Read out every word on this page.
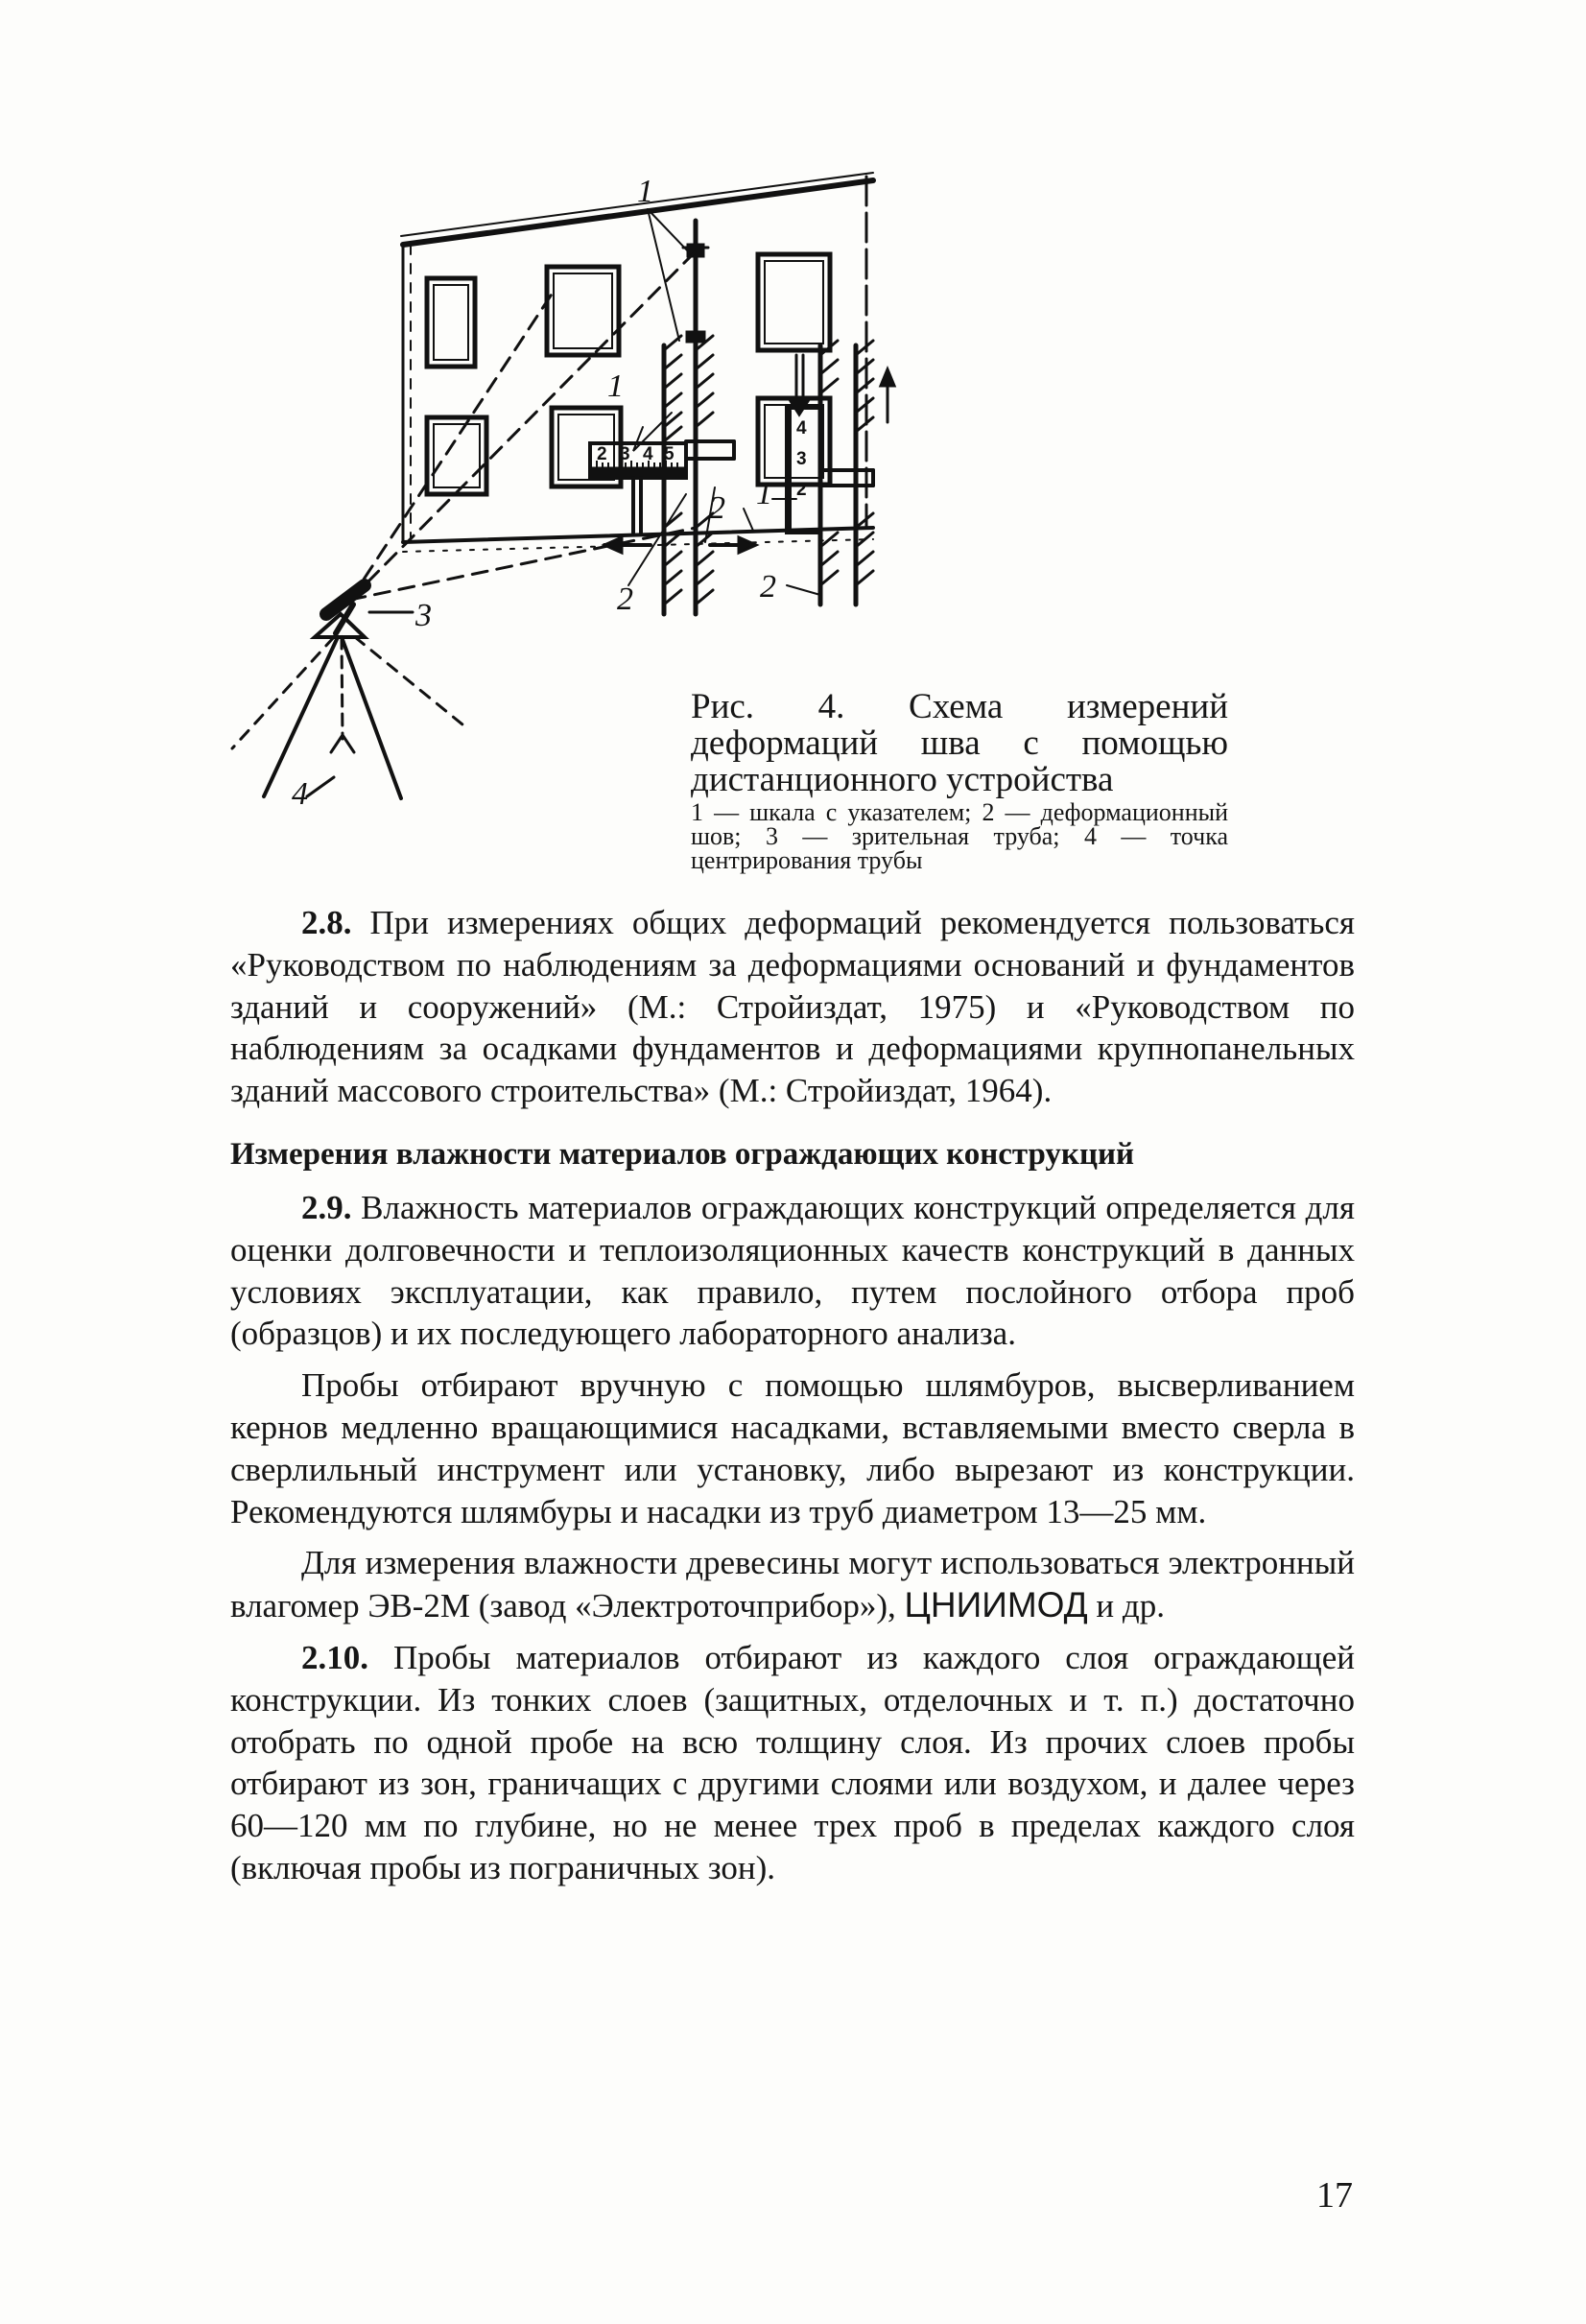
2 3 4 5
4
3
2
1
1
1
2
2
2
3
4
Рис. 4. Схема измерений деформаций шва с помощью дистанционного устройства
1 — шкала с указателем; 2 — деформационный шов; 3 — зрительная труба; 4 — точка центрирования трубы

2.8. При измерениях общих деформаций рекомендуется пользоваться «Руководством по наблюдениям за деформациями оснований и фундаментов зданий и сооружений» (М.: Стройиздат, 1975) и «Руководством по наблюдениям за осадками фундаментов и деформациями крупнопанельных зданий массового строительства» (М.: Стройиздат, 1964).

Измерения влажности материалов ограждающих конструкций

2.9. Влажность материалов ограждающих конструкций определяется для оценки долговечности и теплоизоляционных качеств конструкций в данных условиях эксплуатации, как правило, путем послойного отбора проб (образцов) и их последующего лабораторного анализа.

Пробы отбирают вручную с помощью шлямбуров, высверливанием кернов медленно вращающимися насадками, вставляемыми вместо сверла в сверлильный инструмент или установку, либо вырезают из конструкции. Рекомендуются шлямбуры и насадки из труб диаметром 13—25 мм.

Для измерения влажности древесины могут использоваться электронный влагомер ЭВ-2М (завод «Электроточприбор»), ЦНИИМОД и др.

2.10. Пробы материалов отбирают из каждого слоя ограждающей конструкции. Из тонких слоев (защитных, отделочных и т. п.) достаточно отобрать по одной пробе на всю толщину слоя. Из прочих слоев пробы отбирают из зон, граничащих с другими слоями или воздухом, и далее через 60—120 мм по глубине, но не менее трех проб в пределах каждого слоя (включая пробы из пограничных зон).

17
